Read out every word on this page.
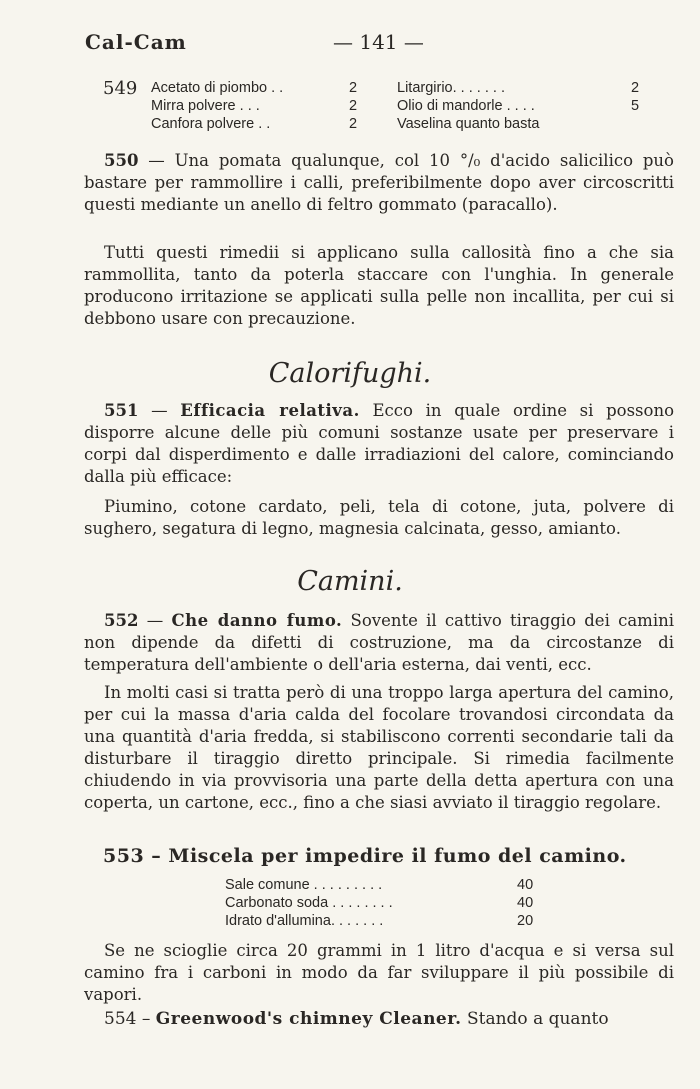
Cal-Cam	— 141 —
549 Acetato di piombo . .	2	Litargirio. . . . . . .	2
Mirra polvere . . .	2	Olio di mandorle . . . .	5
Canfora polvere . .	2	Vaselina quanto basta

550 — Una pomata qualunque, col 10 °/₀ d'acido salicilico può bastare per rammollire i calli, preferibilmente dopo aver circoscritti questi mediante un anello di feltro gommato (paracallo).

Tutti questi rimedii si applicano sulla callosità fino a che sia rammollita, tanto da poterla staccare con l'unghia. In generale producono irritazione se applicati sulla pelle non incallita, per cui si debbono usare con precauzione.

Calorifughi.

551 — Efficacia relativa. Ecco in quale ordine si possono disporre alcune delle più comuni sostanze usate per preservare i corpi dal disperdimento e dalle irradiazioni del calore, cominciando dalla più efficace:

Piumino, cotone cardato, peli, tela di cotone, juta, polvere di sughero, segatura di legno, magnesia calcinata, gesso, amianto.

Camini.

552 — Che danno fumo. Sovente il cattivo tiraggio dei camini non dipende da difetti di costruzione, ma da circostanze di temperatura dell'ambiente o dell'aria esterna, dai venti, ecc.

In molti casi si tratta però di una troppo larga apertura del camino, per cui la massa d'aria calda del focolare trovandosi circondata da una quantità d'aria fredda, si stabiliscono correnti secondarie tali da disturbare il tiraggio diretto principale. Si rimedia facilmente chiudendo in via provvisoria una parte della detta apertura con una coperta, un cartone, ecc., fino a che siasi avviato il tiraggio regolare.

553 – Miscela per impedire il fumo del camino.

Sale comune . . . . . . . . .	40
Carbonato soda . . . . . . . .	40
Idrato d'allumina. . . . . . .	20

Se ne scioglie circa 20 grammi in 1 litro d'acqua e si versa sul camino fra i carboni in modo da far sviluppare il più possibile di vapori.

554 – Greenwood's chimney Cleaner. Stando a quanto
